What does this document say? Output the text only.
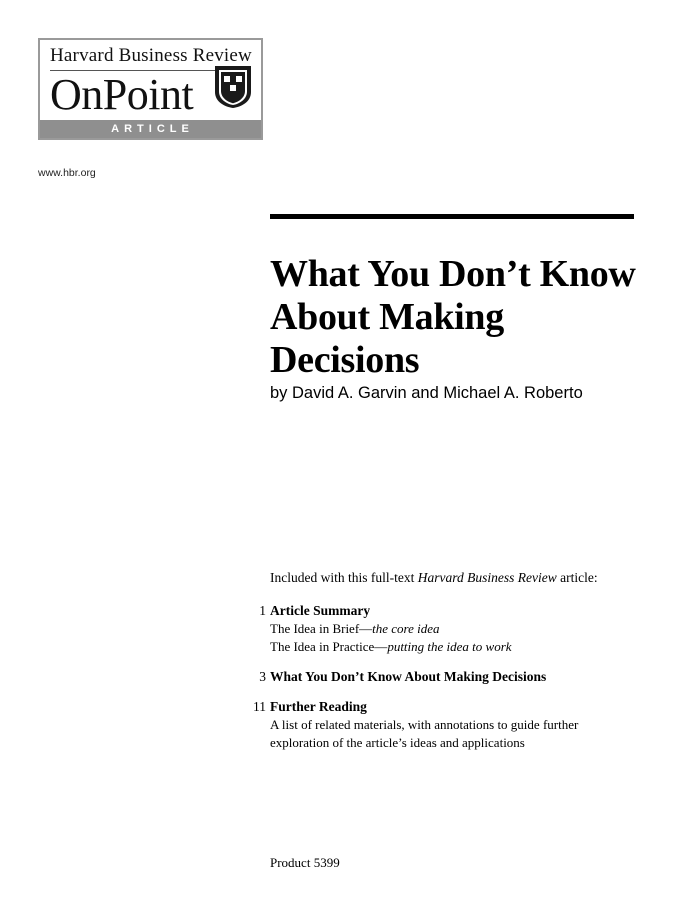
Harvard Business Review
OnPoint
ARTICLE
www.hbr.org
What You Don’t Know About Making Decisions
by David A. Garvin and Michael A. Roberto
Included with this full-text Harvard Business Review article:
1 Article Summary
The Idea in Brief—the core idea
The Idea in Practice—putting the idea to work
3 What You Don’t Know About Making Decisions
11 Further Reading
A list of related materials, with annotations to guide further
exploration of the article’s ideas and applications
Product 5399
